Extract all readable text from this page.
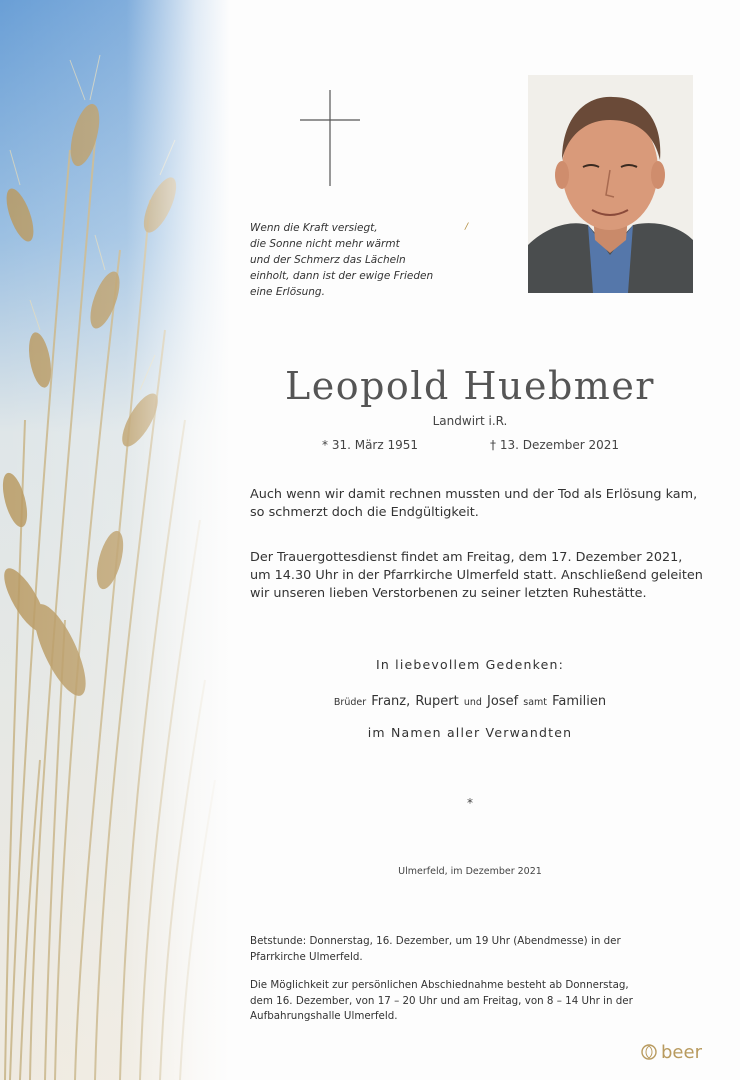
Wenn die Kraft versiegt,
die Sonne nicht mehr wärmt
und der Schmerz das Lächeln
einholt, dann ist der ewige Frieden
eine Erlösung.
/
Leopold Huebmer
Landwirt i.R.
* 31. März 1951	† 13. Dezember 2021
Auch wenn wir damit rechnen mussten und der Tod als Erlösung kam,
so schmerzt doch die Endgültigkeit.
Der Trauergottesdienst findet am Freitag, dem 17. Dezember 2021,
um 14.30 Uhr in der Pfarrkirche Ulmerfeld statt. Anschließend geleiten
wir unseren lieben Verstorbenen zu seiner letzten Ruhestätte.
In liebevollem Gedenken:
Brüder Franz, Rupert und Josef samt Familien
im Namen aller Verwandten
*
Ulmerfeld, im Dezember 2021
Betstunde: Donnerstag, 16. Dezember, um 19 Uhr (Abendmesse) in der
Pfarrkirche Ulmerfeld.
Die Möglichkeit zur persönlichen Abschiednahme besteht ab Donnerstag,
dem 16. Dezember, von 17 – 20 Uhr und am Freitag, von 8 – 14 Uhr in der
Aufbahrungshalle Ulmerfeld.
beer
